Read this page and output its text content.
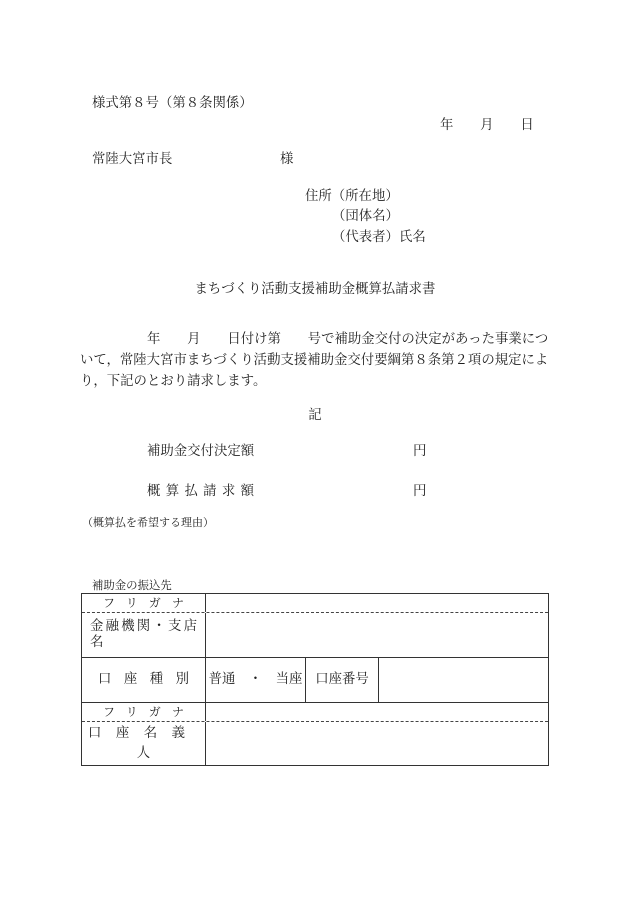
様式第８号（第８条関係）
年　　月　　日
常陸大宮市長	様
住所（所在地）
（団体名）
（代表者）氏名
まちづくり活動支援補助金概算払請求書
年　　月　　日付け第　　号で補助金交付の決定があった事業につ
いて，常陸大宮市まちづくり活動支援補助金交付要綱第８条第２項の規定によ
り，下記のとおり請求します。
記
補助金交付決定額	円
概算払請求額	円
（概算払を希望する理由）
補助金の振込先
フリガナ
金融機関・支店名
口座種別 普通　・　当座 口座番号
フリガナ
口座名義
人
